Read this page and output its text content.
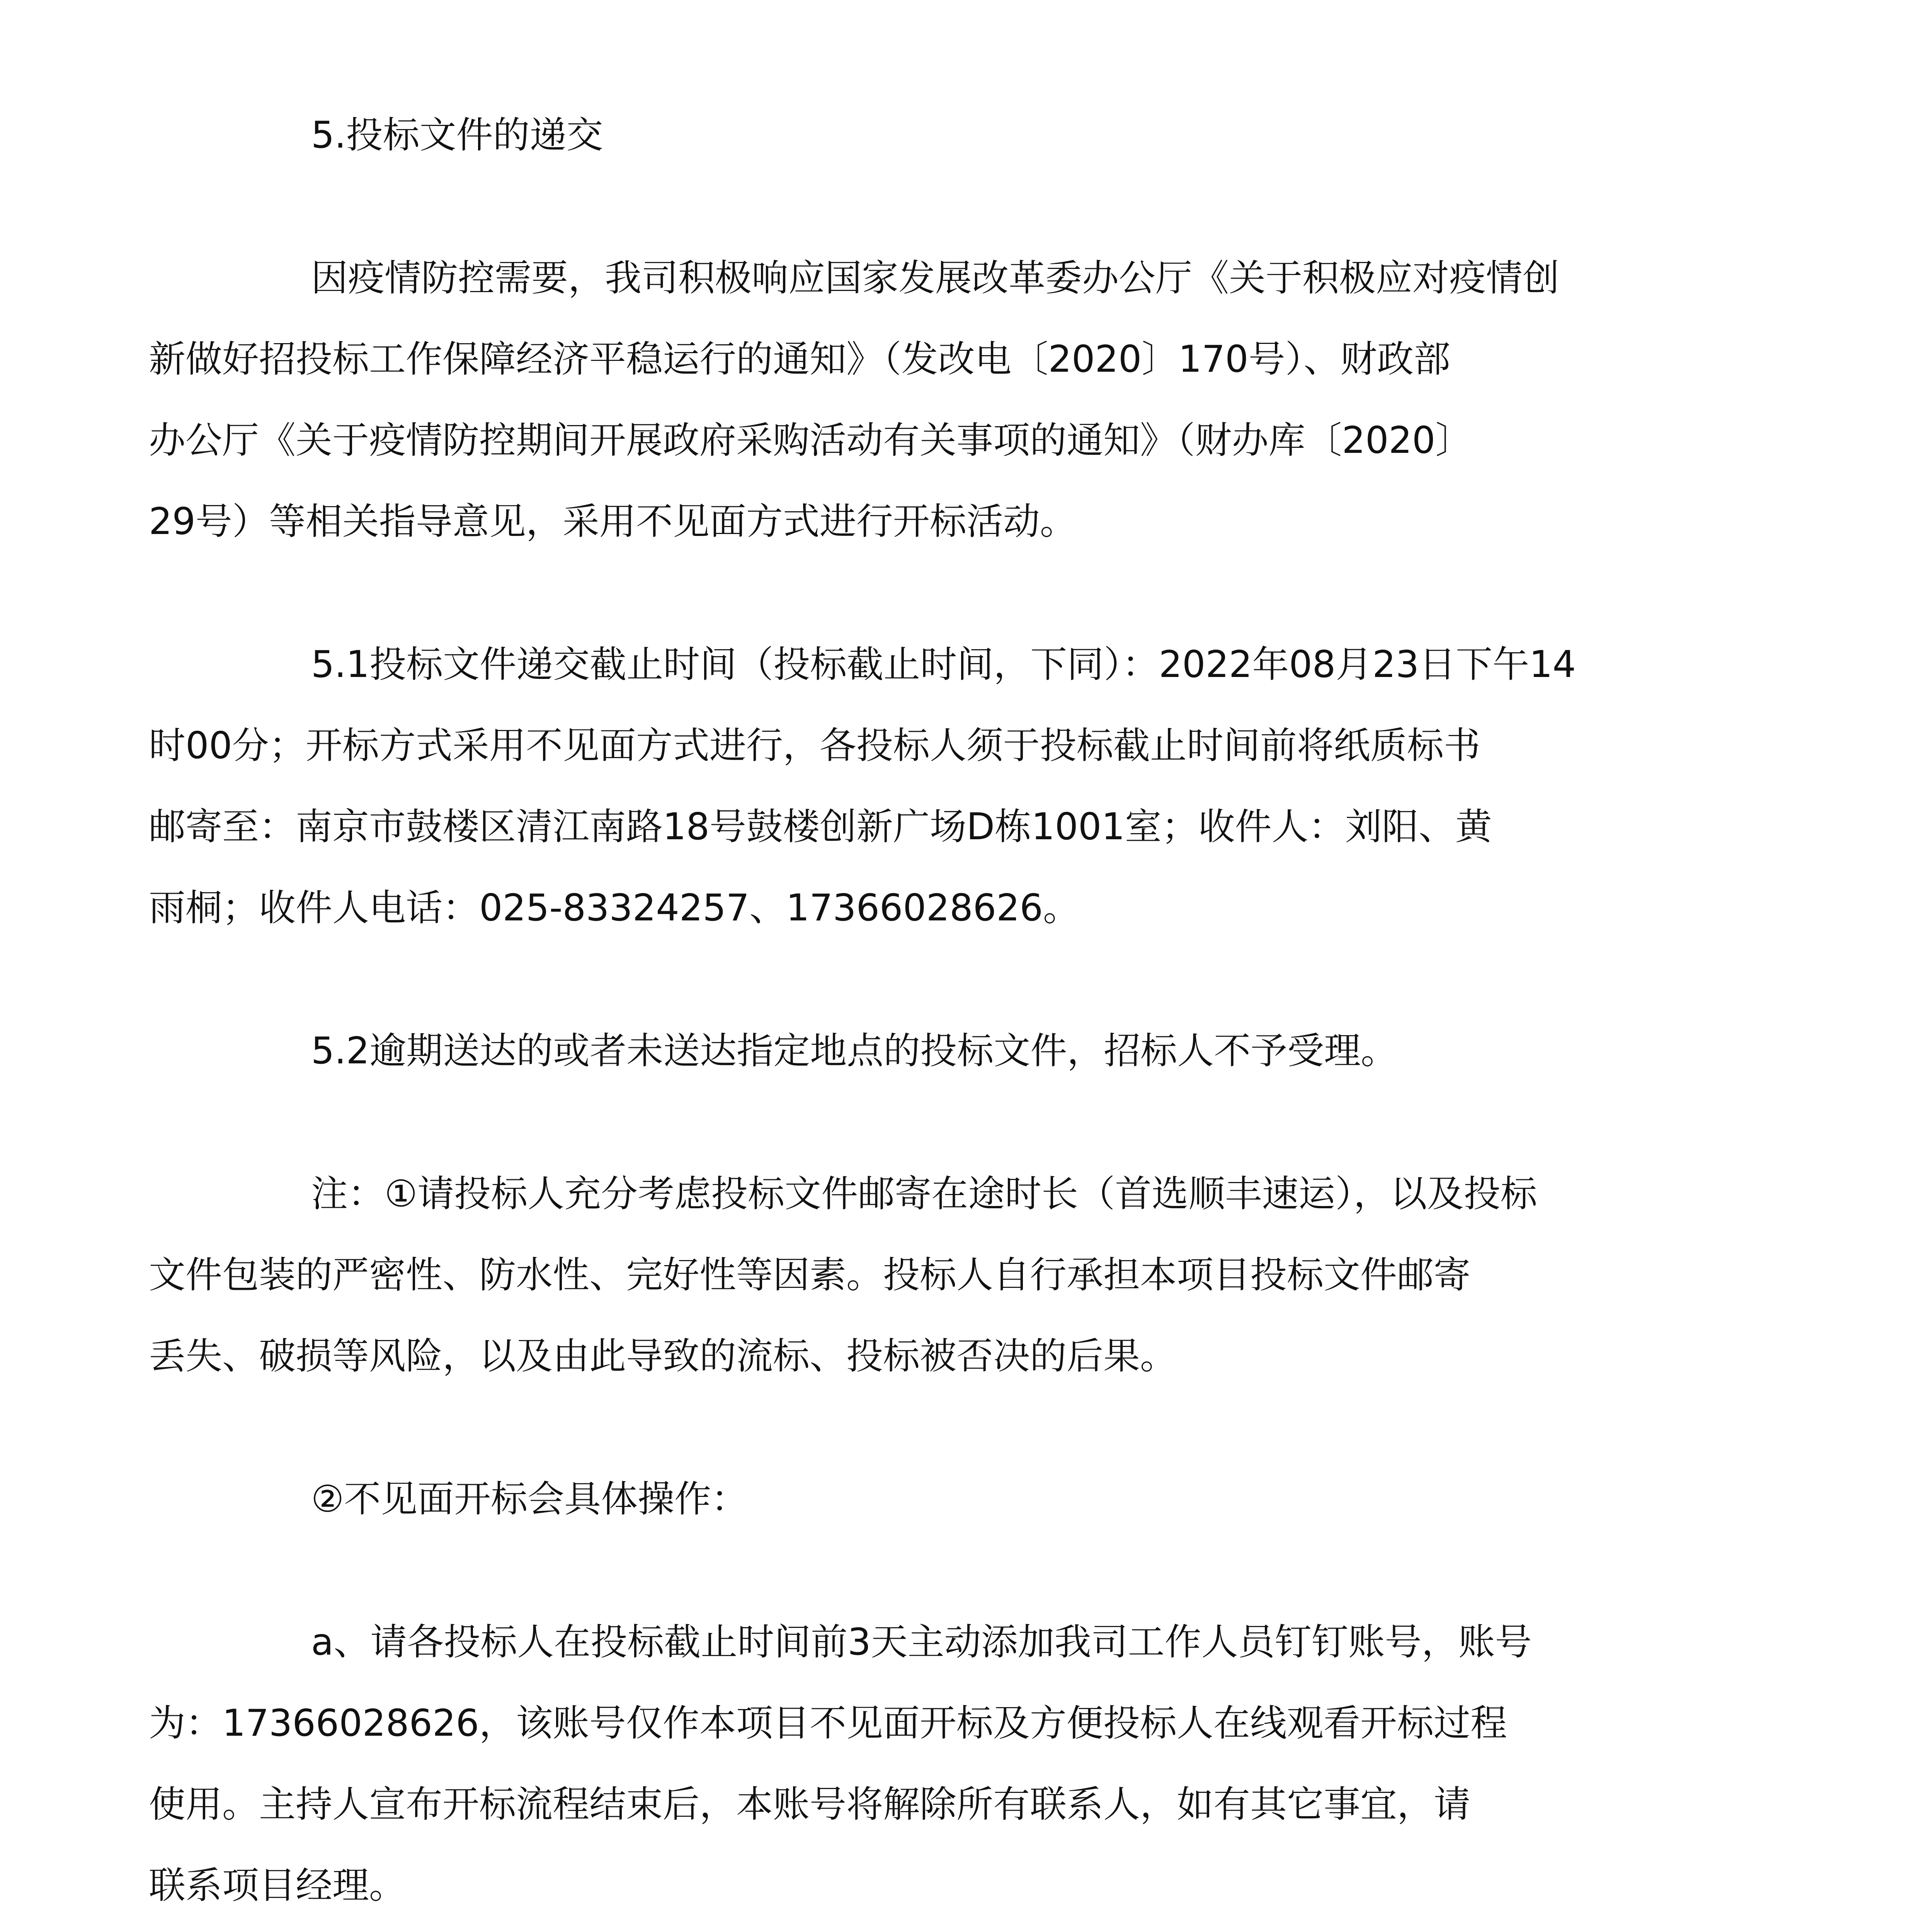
5.投标文件的递交

因疫情防控需要，我司积极响应国家发展改革委办公厅《关于积极应对疫情创
新做好招投标工作保障经济平稳运行的通知》（发改电〔2020〕170号）、财政部
办公厅《关于疫情防控期间开展政府采购活动有关事项的通知》（财办库〔2020〕
29号）等相关指导意见，采用不见面方式进行开标活动。

5.1投标文件递交截止时间（投标截止时间，下同）：2022年08月23日下午14
时00分；开标方式采用不见面方式进行，各投标人须于投标截止时间前将纸质标书
邮寄至：南京市鼓楼区清江南路18号鼓楼创新广场D栋1001室；收件人：刘阳、黄
雨桐；收件人电话：025-83324257、17366028626。

5.2逾期送达的或者未送达指定地点的投标文件，招标人不予受理。

注：①请投标人充分考虑投标文件邮寄在途时长（首选顺丰速运），以及投标
文件包装的严密性、防水性、完好性等因素。投标人自行承担本项目投标文件邮寄
丢失、破损等风险，以及由此导致的流标、投标被否决的后果。

②不见面开标会具体操作：

a、请各投标人在投标截止时间前3天主动添加我司工作人员钉钉账号，账号
为：17366028626，该账号仅作本项目不见面开标及方便投标人在线观看开标过程
使用。主持人宣布开标流程结束后，本账号将解除所有联系人，如有其它事宜，请
联系项目经理。
